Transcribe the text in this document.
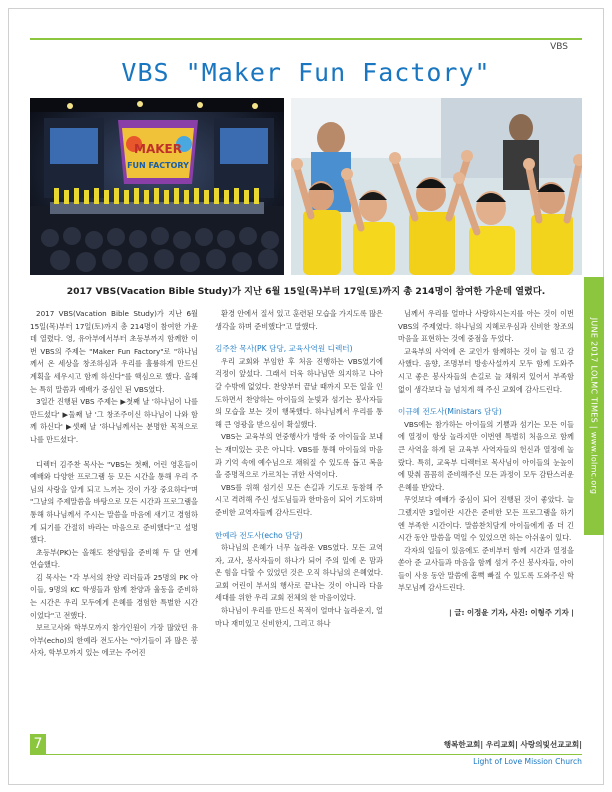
VBS
VBS "Maker Fun Factory"
MAKER
FUN FACTORY
2017 VBS(Vacation Bible Study)가 지난 6월 15일(목)부터 17일(토)까지 총 214명이 참여한 가운데 열렸다.

2017 VBS(Vacation Bible Study)가 지난 6월 15일(목)부터 17일(토)까지 총 214명이 참여한 가운데 열렸다. 영, 유아부에서부터 초등부까지 함께한 이번 VBS의 주제는 "Maker Fun Factory"로 "하나님께서 온 세상을 창조하심과 우리를 훌륭하게 만드신 계획을 세우시고 함께 하신다"를 핵심으로 했다. 올해는 특히 말씀과 예배가 중심인 된 VBS였다.

3일간 진행된 VBS 주제는 ▶첫째 날 '하나님이 나를 만드셨다' ▶둘째 날 '그 창조주이신 하나님이 나와 함께 하신다' ▶셋째 날 '하나님께서는 분명한 목적으로 나를 만드셨다'.

디렉터 김주찬 목사는 "VBS는 첫째, 어린 영혼들이 예배와 다양한 프로그램 등 모든 시간을 통해 우리 주님의 사랑을 알게 되고 느끼는 것이 가장 중요하다"며 "그날의 주제말씀을 바탕으로 모든 시간과 프로그램을 통해 하나님께서 주시는 말씀을 마음에 새기고 경험하게 되기를 간절히 바라는 마음으로 준비했다"고 설명했다.

초등부(PK)는 올해도 찬양팀을 준비해 두 달 연계 연습했다.

김 목사는 "각 부서의 찬양 리더들과 25명의 PK 아이들, 9명의 KC 학생들과 함께 찬양과 율동을 준비하는 시간은 우리 모두에게 은혜를 경험한 특별한 시간이었다"고 전했다.

보르고사와 학부모까지 참가인원이 가장 많았던 유아부(echo)의 한예라 전도사는 "아기들이 과 많은 봉사자, 학부모까지 있는 에코는 주어진

환경 안에서 질서 있고 훈련된 모습을 가지도록 많은 생각을 하며 준비했다"고 말했다.

김주찬 목사(PK 담당, 교육사역원 디렉터)

우리 교회와 부임한 후 처음 진행하는 VBS였기에 걱정이 앞섰다. 그래서 더욱 하나님만 의지하고 나아갈 수밖에 없었다. 찬양부터 끝날 때까지 모든 일을 인도하면서 찬양하는 아이들의 눈빛과 섬기는 봉사자들의 모습을 보는 것이 행복했다. 하나님께서 우리를 통해 큰 영광을 받으심이 확실했다.

VBS는 교육부의 연중행사가 방학 중 아이들을 보내는 재미있는 곳은 아니다. VBS를 통해 아이들의 마음과 기억 속에 예수님으로 채워질 수 있도록 돕고 복음을 증명적으로 가르치는 귀한 사역이다.

VBS를 위해 섬기신 모든 손길과 기도로 동참해 주시고 격려해 주신 성도님들과 한마음이 되어 기도하며 준비한 교역자들께 감사드린다.

한예라 전도사(echo 담당)

하나님의 은혜가 너무 놀라운 VBS였다. 모든 교역자, 교사, 봉사자들이 하나가 되어 주의 일에 온 맘과 온 힘을 다할 수 있었던 것은 오직 하나님의 은혜였다. 교회 어린이 부서의 행사로 끝나는 것이 아니라 다음 세대를 위한 우리 교회 전체의 한 마음이었다.

하나님이 우리를 만드신 목적이 얼마나 놀라운지, 얼마나 재미있고 신비한지, 그리고 하나

님께서 우리를 얼마나 사랑하시는지를 아는 것이 이번 VBS의 주제였다. 하나님의 지혜로우심과 신비한 창조의 마음을 표현하는 것에 중점을 두었다.

교육부의 사역에 온 교인가 함께하는 것이 늘 힘고 감사했다. 음향, 조명부터 방송사설까지 모두 함께 도와주시고 좋은 봉사자들의 손길로 늘 채워져 있어서 부족함 없이 생각보다 늘 넘치게 해 주신 교회에 감사드린다.

이규혜 전도사(Ministars 담당)

VBS에는 참가하는 아이들의 기쁨과 섬기는 모든 이들에 열정이 항상 놀라지만 이번엔 특별히 처음으로 함께 큰 사역을 하게 된 교육부 사역자들의 헌신과 열정에 놀랐다. 특히, 교육부 디렉터로 목사님이 아이들의 눈높이에 맞춰 꼼꼼히 준비해주신 모든 과정이 모두 감탄스러운 은혜를 받았다.

무엇보다 예배가 중심이 되어 진행된 것이 좋았다. 늘 그랬지만 3일이란 시간은 준비한 모든 프로그램을 하기엔 부족한 시간이다. 말씀찬치담게 아이들에게 좀 더 긴 시간 동안 말씀을 먹일 수 있었으면 하는 아쉬움이 있다.

각자의 일들이 있음에도 준비부터 함께 시간과 열정을 쏟아 준 교사들과 마음을 함께 섬겨 주신 봉사자들, 아이들이 사용 동안 말씀에 흠뻑 빠질 수 있도록 도와주신 학부모님께 감사드린다.

| 글: 이정윤 기자, 사진: 이형주 기자 |
JUNE 2017 LOLMC TIMES | www.lolmc.org
7	행복한교회| 우리교회| 사랑의빛선교교회|
Light of Love Mission Church
